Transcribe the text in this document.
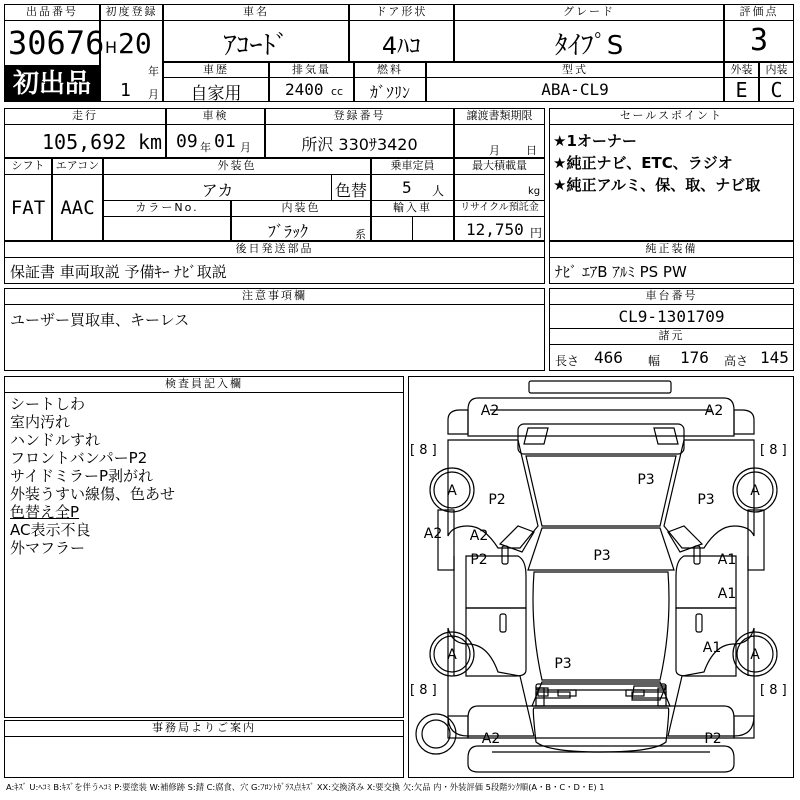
出品番号
30676
初出品
初度登録
H 20
年
1 月
車名
ｱｺｰﾄﾞ
ドア形状
4ﾊｺ
グレード
ﾀｲﾌﾟS
評価点
3
車歴
自家用
排気量
2400 cc
燃料
ｶﾞｿﾘﾝ
型式
ABA-CL9
外装
E
内装
C
走行
105,692 km
車検
09 年 01 月
登録番号
所沢 330ｻ3420
譲渡書類期限
月 日
セールスポイント
★1オーナー
★純正ナビ、ETC、ラジオ
★純正アルミ、保、取、ナビ取
シフト
FAT
エアコン
AAC
外装色
アカ	色替
乗車定員
5 人
最大積載量
kg
カラーNo.	内装色
ﾌﾞﾗｯｸ	系
輸入車	リサイクル預託金
12,750 円
後日発送部品
保証書 車両取説 予備ｷｰ ﾅﾋﾞ取説
純正装備
ﾅﾋﾞ ｴｱB ｱﾙﾐ PS PW
注意事項欄
ユーザー買取車、キーレス
車台番号
CL9-1301709
諸元
長さ 466 幅 176 高さ 145
検査員記入欄
シートしわ
室内汚れ
ハンドルすれ
フロントバンパーP2
サイドミラーP剥がれ
外装うすい線傷、色あせ
色替え全P
AC表示不良
外マフラー
事務局よりご案内
A2	A2
P3
P2	P3
A2 A2
P2	P3	A1
A1
A1
P3
A2	P2
A	A
A	A
[ 8 ]	[ 8 ]
[ 8 ]	[ 8 ]
A:ｷｽﾞ U:ﾍｺﾐ B:ｷｽﾞを伴うﾍｺﾐ P:要塗装 W:補修跡 S:錆 C:腐食、穴 G:ﾌﾛﾝﾄｶﾞﾗｽ点ｷｽﾞ XX:交換済み X:要交換 欠:欠品 内・外装評価 5段階ﾗﾝｸ順(A・B・C・D・E) 1
